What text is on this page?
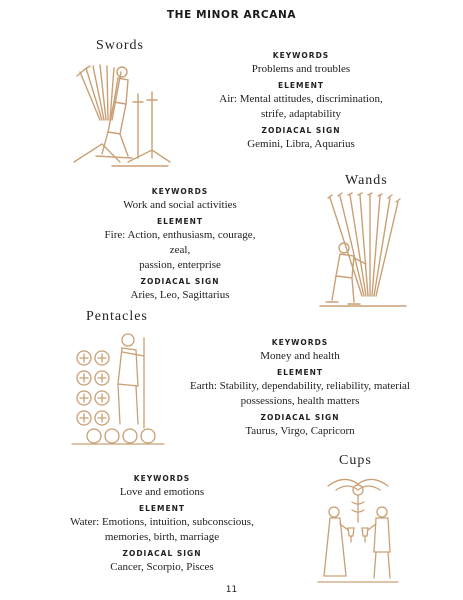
THE MINOR ARCANA
Swords
KEYWORDS
Problems and troubles
ELEMENT
Air: Mental attitudes, discrimination,
strife, adaptability
ZODIACAL SIGN
Gemini, Libra, Aquarius
Wands
KEYWORDS
Work and social activities
ELEMENT
Fire: Action, enthusiasm, courage, zeal,
passion, enterprise
ZODIACAL SIGN
Aries, Leo, Sagittarius
Pentacles
KEYWORDS
Money and health
ELEMENT
Earth: Stability, dependability, reliability, material
possessions, health matters
ZODIACAL SIGN
Taurus, Virgo, Capricorn
Cups
KEYWORDS
Love and emotions
ELEMENT
Water: Emotions, intuition, subconscious,
memories, birth, marriage
ZODIACAL SIGN
Cancer, Scorpio, Pisces
11
